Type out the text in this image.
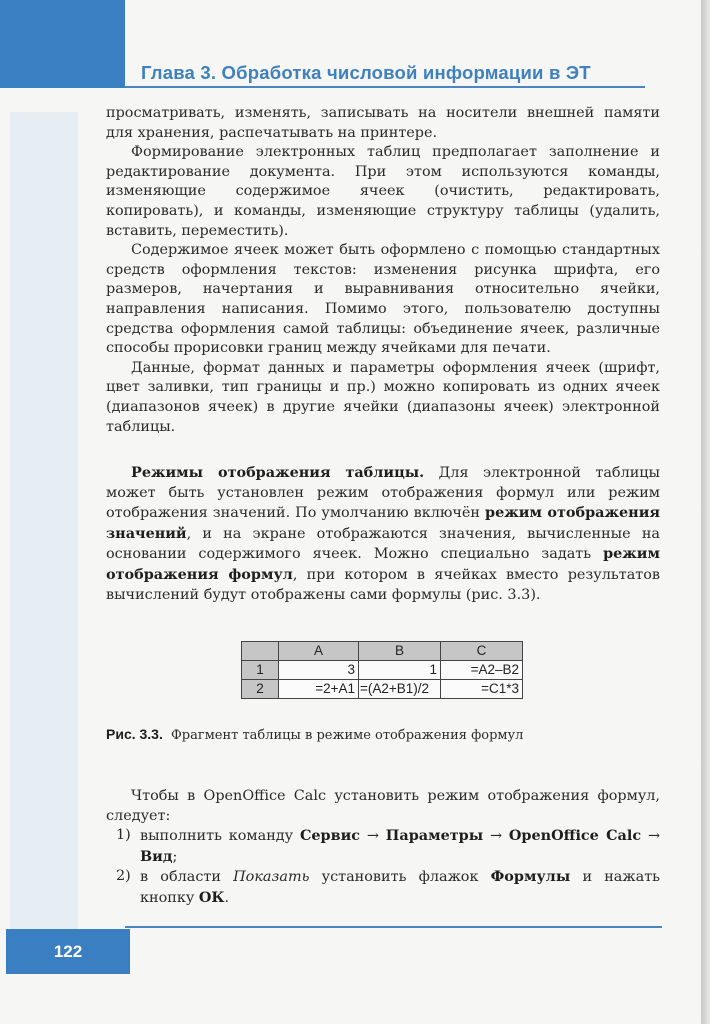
Глава 3. Обработка числовой информации в ЭТ

просматривать, изменять, записывать на носители внешней памяти для хранения, распечатывать на принтере.

Формирование электронных таблиц предполагает заполнение и редактирование документа. При этом используются команды, изменяющие содержимое ячеек (очистить, редактировать, копировать), и команды, изменяющие структуру таблицы (удалить, вставить, переместить).

Содержимое ячеек может быть оформлено с помощью стандартных средств оформления текстов: изменения рисунка шрифта, его размеров, начертания и выравнивания относительно ячейки, направления написания. Помимо этого, пользователю доступны средства оформления самой таблицы: объединение ячеек, различные способы прорисовки границ между ячейками для печати.

Данные, формат данных и параметры оформления ячеек (шрифт, цвет заливки, тип границы и пр.) можно копировать из одних ячеек (диапазонов ячеек) в другие ячейки (диапазоны ячеек) электронной таблицы.

Режимы отображения таблицы. Для электронной таблицы может быть установлен режим отображения формул или режим отображения значений. По умолчанию включён режим отображения значений, и на экране отображаются значения, вычисленные на основании содержимого ячеек. Можно специально задать режим отображения формул, при котором в ячейках вместо результатов вычислений будут отображены сами формулы (рис. 3.3).

	A	B	C
1	3	1	=A2–B2
2	=2+A1	=(A2+B1)/2	=C1*3
Рис. 3.3. Фрагмент таблицы в режиме отображения формул

Чтобы в OpenOffice Calc установить режим отображения формул, следует:

1) выполнить команду Сервис → Параметры → OpenOffice Calc → Вид;
2) в области Показать установить флажок Формулы и нажать кнопку ОК.
122
